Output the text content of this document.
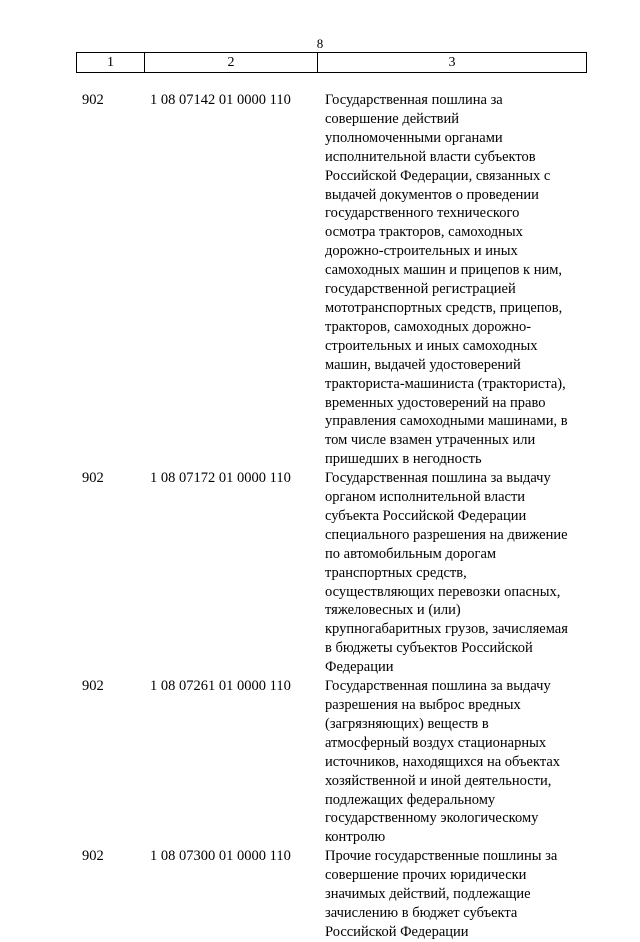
8
1	2	3
902	1 08 07142 01 0000 110 Государственная пошлина за
совершение действий
уполномоченными органами
исполнительной власти субъектов
Российской Федерации, связанных с
выдачей документов о проведении
государственного технического
осмотра тракторов, самоходных
дорожно-строительных и иных
самоходных машин и прицепов к ним,
государственной регистрацией
мототранспортных средств, прицепов,
тракторов, самоходных дорожно-
строительных и иных самоходных
машин, выдачей удостоверений
тракториста-машиниста (тракториста),
временных удостоверений на право
управления самоходными машинами, в
том числе взамен утраченных или
пришедших в негодность
902	1 08 07172 01 0000 110 Государственная пошлина за выдачу
органом исполнительной власти
субъекта Российской Федерации
специального разрешения на движение
по автомобильным дорогам
транспортных средств,
осуществляющих перевозки опасных,
тяжеловесных и (или)
крупногабаритных грузов, зачисляемая
в бюджеты субъектов Российской
Федерации
902	1 08 07261 01 0000 110 Государственная пошлина за выдачу
разрешения на выброс вредных
(загрязняющих) веществ в
атмосферный воздух стационарных
источников, находящихся на объектах
хозяйственной и иной деятельности,
подлежащих федеральному
государственному экологическому
контролю
902	1 08 07300 01 0000 110 Прочие государственные пошлины за
совершение прочих юридически
значимых действий, подлежащие
зачислению в бюджет субъекта
Российской Федерации
